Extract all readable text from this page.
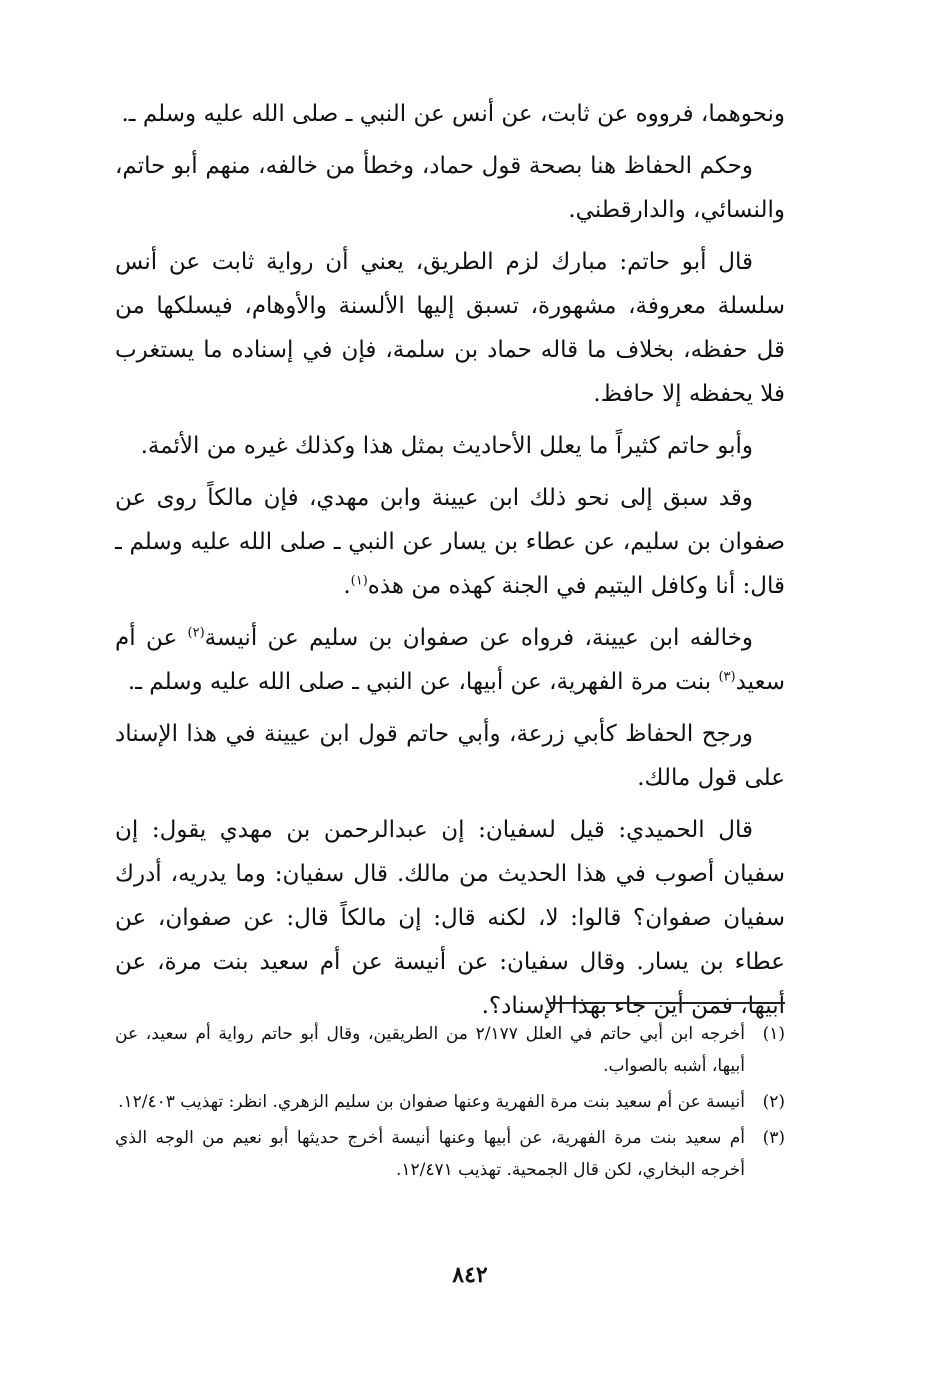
ونحوهما، فرووه عن ثابت، عن أنس عن النبي ـ صلى الله عليه وسلم ـ.

وحكم الحفاظ هنا بصحة قول حماد، وخطأ من خالفه، منهم أبو حاتم، والنسائي، والدارقطني.

قال أبو حاتم: مبارك لزم الطريق، يعني أن رواية ثابت عن أنس سلسلة معروفة، مشهورة، تسبق إليها الألسنة والأوهام، فيسلكها من قل حفظه، بخلاف ما قاله حماد بن سلمة، فإن في إسناده ما يستغرب فلا يحفظه إلا حافظ.

وأبو حاتم كثيراً ما يعلل الأحاديث بمثل هذا وكذلك غيره من الأئمة.

وقد سبق إلى نحو ذلك ابن عيينة وابن مهدي، فإن مالكاً روى عن صفوان بن سليم، عن عطاء بن يسار عن النبي ـ صلى الله عليه وسلم ـ قال: أنا وكافل اليتيم في الجنة كهذه من هذه$^{(١)}$.

وخالفه ابن عيينة، فرواه عن صفوان بن سليم عن أنيسة$^{(٢)}$ عن أم سعيد$^{(٣)}$ بنت مرة الفهرية، عن أبيها، عن النبي ـ صلى الله عليه وسلم ـ.

ورجح الحفاظ كأبي زرعة، وأبي حاتم قول ابن عيينة في هذا الإسناد على قول مالك.

قال الحميدي: قيل لسفيان: إن عبدالرحمن بن مهدي يقول: إن سفيان أصوب في هذا الحديث من مالك. قال سفيان: وما يدريه، أدرك سفيان صفوان؟ قالوا: لا، لكنه قال: إن مالكاً قال: عن صفوان، عن عطاء بن يسار. وقال سفيان: عن أنيسة عن أم سعيد بنت مرة، عن أبيها، فمن أين جاء بهذا الإسناد؟.

(١)
أخرجه ابن أبي حاتم في العلل ٢/١٧٧ من الطريقين، وقال أبو حاتم رواية أم سعيد، عن أبيها، أشبه بالصواب.
(٢)
أنيسة عن أم سعيد بنت مرة الفهرية وعنها صفوان بن سليم الزهري. انظر: تهذيب ١٢/٤٠٣.
(٣)
أم سعيد بنت مرة الفهرية، عن أبيها وعنها أنيسة أخرج حديثها أبو نعيم من الوجه الذي أخرجه البخاري، لكن قال الجمحية. تهذيب ١٢/٤٧١.
٨٤٢
